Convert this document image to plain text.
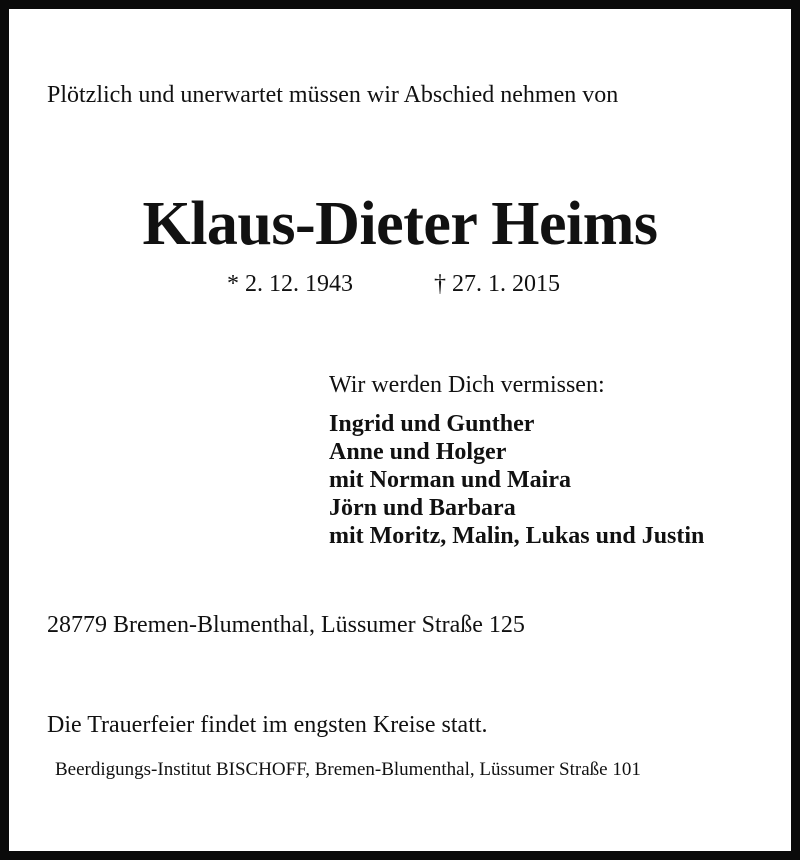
Plötzlich und unerwartet müssen wir Abschied nehmen von
Klaus-Dieter Heims
* 2. 12. 1943	† 27. 1. 2015
Wir werden Dich vermissen:
Ingrid und Gunther
Anne und Holger
mit Norman und Maira
Jörn und Barbara
mit Moritz, Malin, Lukas und Justin
28779 Bremen-Blumenthal, Lüssumer Straße 125
Die Trauerfeier findet im engsten Kreise statt.
Beerdigungs-Institut BISCHOFF, Bremen-Blumenthal, Lüssumer Straße 101
